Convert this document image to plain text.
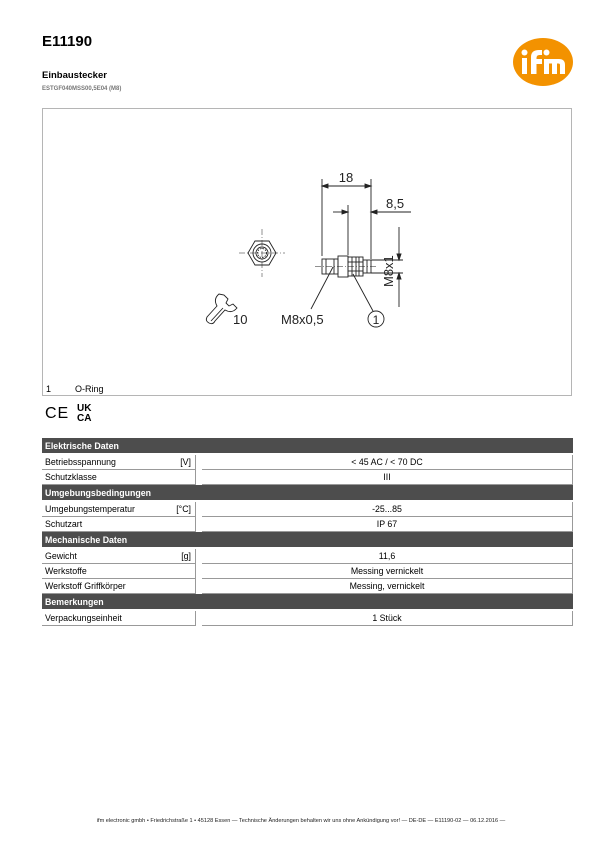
E11190
Einbaustecker
ESTGF040MSS00,5E04 (M8)
18
8,5
M8x1
M8x0,5
10	1
1	O-Ring
CE UK
CA
Elektrische Daten			
Betriebsspannung	[V]		< 45 AC / < 70 DC
Schutzklasse			III
Umgebungsbedingungen			
Umgebungstemperatur	[°C]		-25...85
Schutzart			IP 67
Mechanische Daten			
Gewicht	[g]		11,6
Werkstoffe			Messing vernickelt
Werkstoff Griffkörper			Messing, vernickelt
Bemerkungen			
Verpackungseinheit			1 Stück
ifm electronic gmbh • Friedrichstraße 1 • 45128 Essen — Technische Änderungen behalten wir uns ohne Ankündigung vor! — DE-DE — E11190-02 — 06.12.2016 —
